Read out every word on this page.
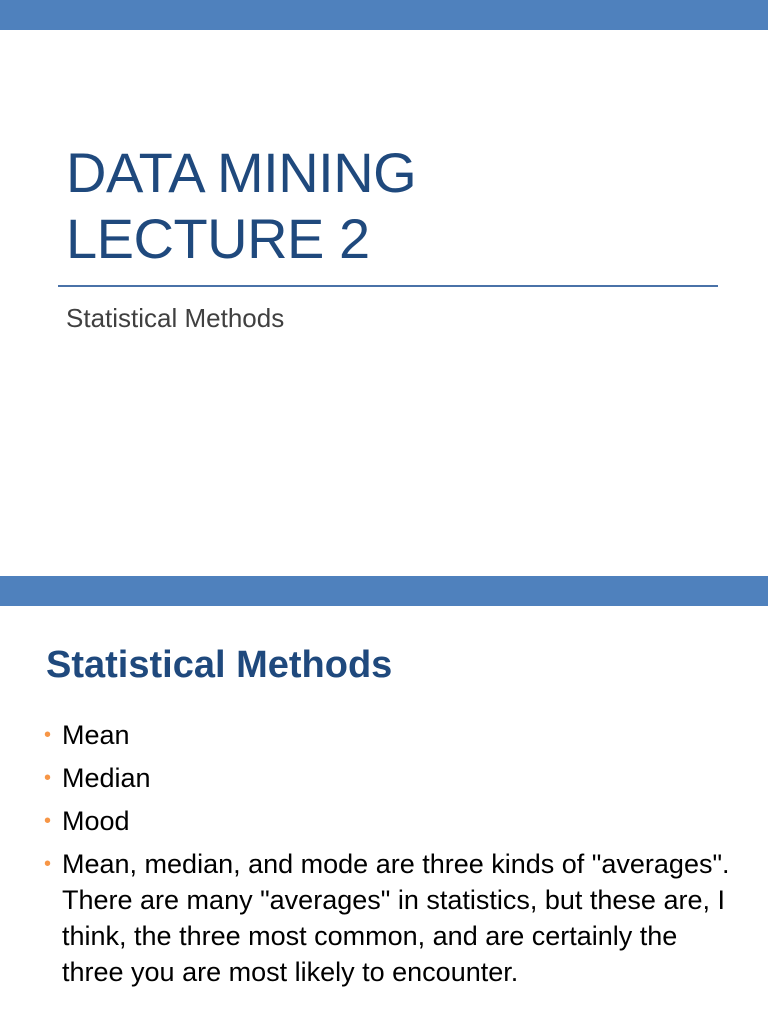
DATA MINING
LECTURE 2
Statistical Methods
Statistical Methods
• Mean
• Median
• Mood
• Mean, median, and mode are three kinds of "averages". There are many "averages" in statistics, but these are, I think, the three most common, and are certainly the three you are most likely to encounter.
